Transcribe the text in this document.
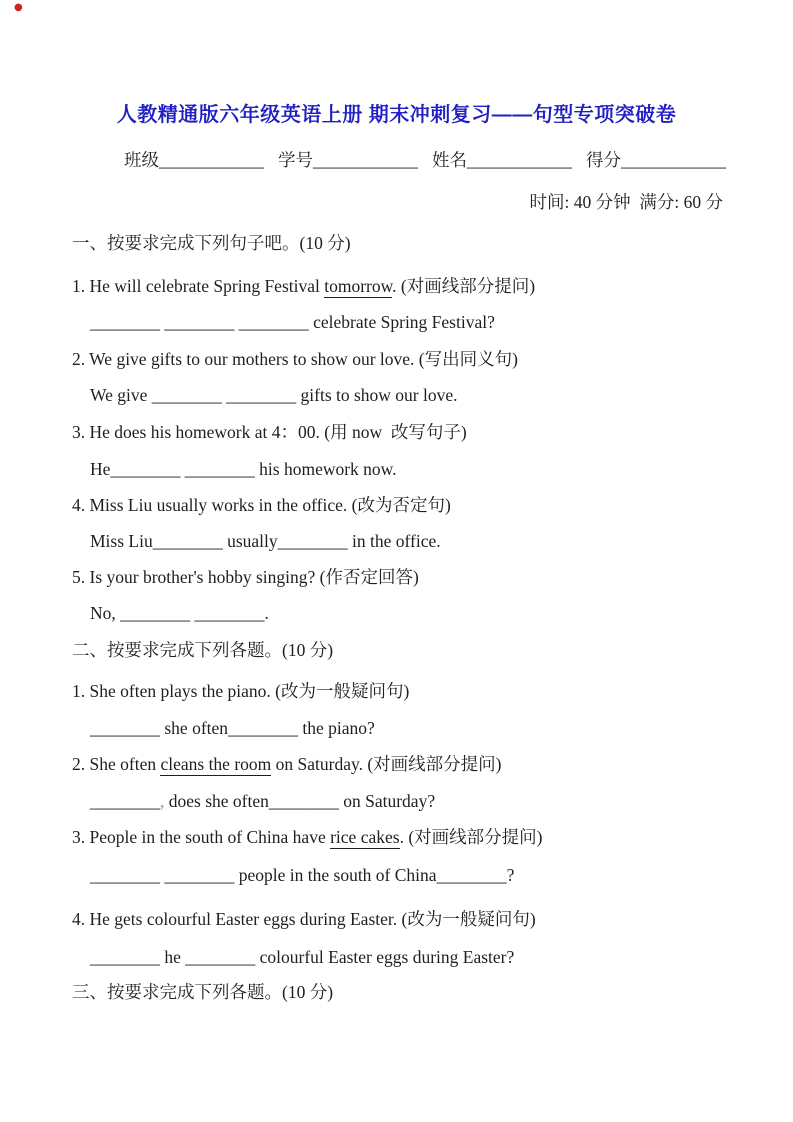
●
人教精通版六年级英语上册 期末冲刺复习——句型专项突破卷
班级____________ 学号____________ 姓名____________ 得分____________
时间: 40 分钟  满分: 60 分
一、按要求完成下列句子吧。(10 分)
1. He will celebrate Spring Festival tomorrow. (对画线部分提问)
________ ________ ________ celebrate Spring Festival?
2. We give gifts to our mothers to show our love. (写出同义句)
We give ________ ________ gifts to show our love.
3. He does his homework at 4：00. (用 now  改写句子)
He________ ________ his homework now.
4. Miss Liu usually works in the office. (改为否定句)
Miss Liu________ usually________ in the office.
5. Is your brother's hobby singing? (作否定回答)
No, ________ ________.
二、按要求完成下列各题。(10 分)
1. She often plays the piano. (改为一般疑问句)
________ she often________ the piano?
2. She often cleans the room on Saturday. (对画线部分提问)
________, does she often________ on Saturday?
3. People in the south of China have rice cakes. (对画线部分提问)
________ ________ people in the south of China________?
4. He gets colourful Easter eggs during Easter. (改为一般疑问句)
________ he ________ colourful Easter eggs during Easter?
三、按要求完成下列各题。(10 分)
